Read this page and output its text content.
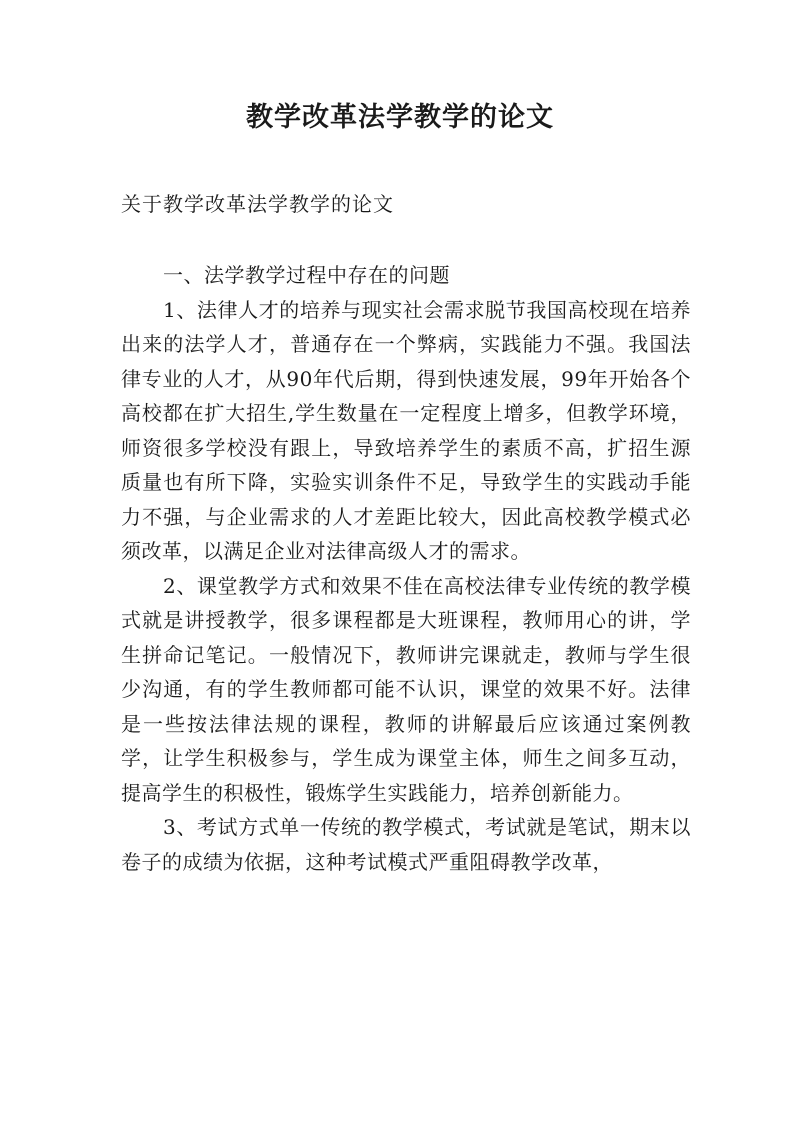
教学改革法学教学的论文

关于教学改革法学教学的论文

一、法学教学过程中存在的问题

1、法律人才的培养与现实社会需求脱节我国高校现在培养出来的法学人才，普通存在一个弊病，实践能力不强。我国法律专业的人才，从90年代后期，得到快速发展，99年开始各个高校都在扩大招生,学生数量在一定程度上增多，但教学环境，师资很多学校没有跟上，导致培养学生的素质不高，扩招生源质量也有所下降，实验实训条件不足，导致学生的实践动手能力不强，与企业需求的人才差距比较大，因此高校教学模式必须改革，以满足企业对法律高级人才的需求。

2、课堂教学方式和效果不佳在高校法律专业传统的教学模式就是讲授教学，很多课程都是大班课程，教师用心的讲，学生拼命记笔记。一般情况下，教师讲完课就走，教师与学生很少沟通，有的学生教师都可能不认识，课堂的效果不好。法律是一些按法律法规的课程，教师的讲解最后应该通过案例教学，让学生积极参与，学生成为课堂主体，师生之间多互动，提高学生的积极性，锻炼学生实践能力，培养创新能力。

3、考试方式单一传统的教学模式，考试就是笔试，期末以卷子的成绩为依据，这种考试模式严重阻碍教学改革，
